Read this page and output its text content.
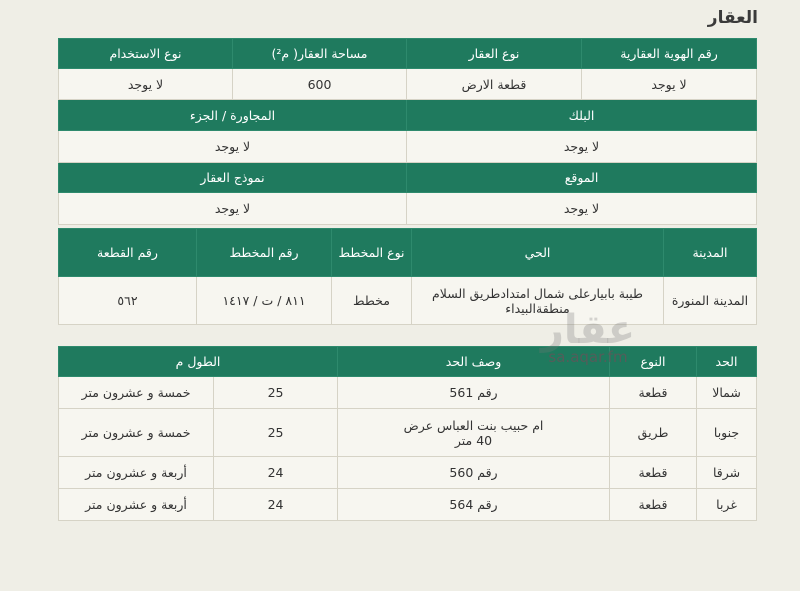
العقار
رقم الهوية العقارية	نوع العقار	مساحة العقار( م²)	نوع الاستخدام
لا يوجد	قطعة الارض	600	لا يوجد
البلك		المجاورة / الجزء	
لا يوجد		لا يوجد	
الموقع		نموذج العقار	
لا يوجد		لا يوجد	
المدينة	الحي	نوع المخطط	رقم المخطط	رقم القطعة
المدينة المنورة	طيبة بابيارعلى شمال امتدادطريق السلام منطقةالبيداء	مخطط	٨١١ / ت / ١٤١٧	٥٦٢
الحد	النوع	وصف الحد	الطول م	
شمالا	قطعة	رقم 561	25	خمسة و عشرون متر
جنوبا	طريق	ام حبيب بنت العباس عرض 40 متر	25	خمسة و عشرون متر
شرقا	قطعة	رقم 560	24	أربعة و عشرون متر
غربا	قطعة	رقم 564	24	أربعة و عشرون متر
عقار
sa.aqar.fm
